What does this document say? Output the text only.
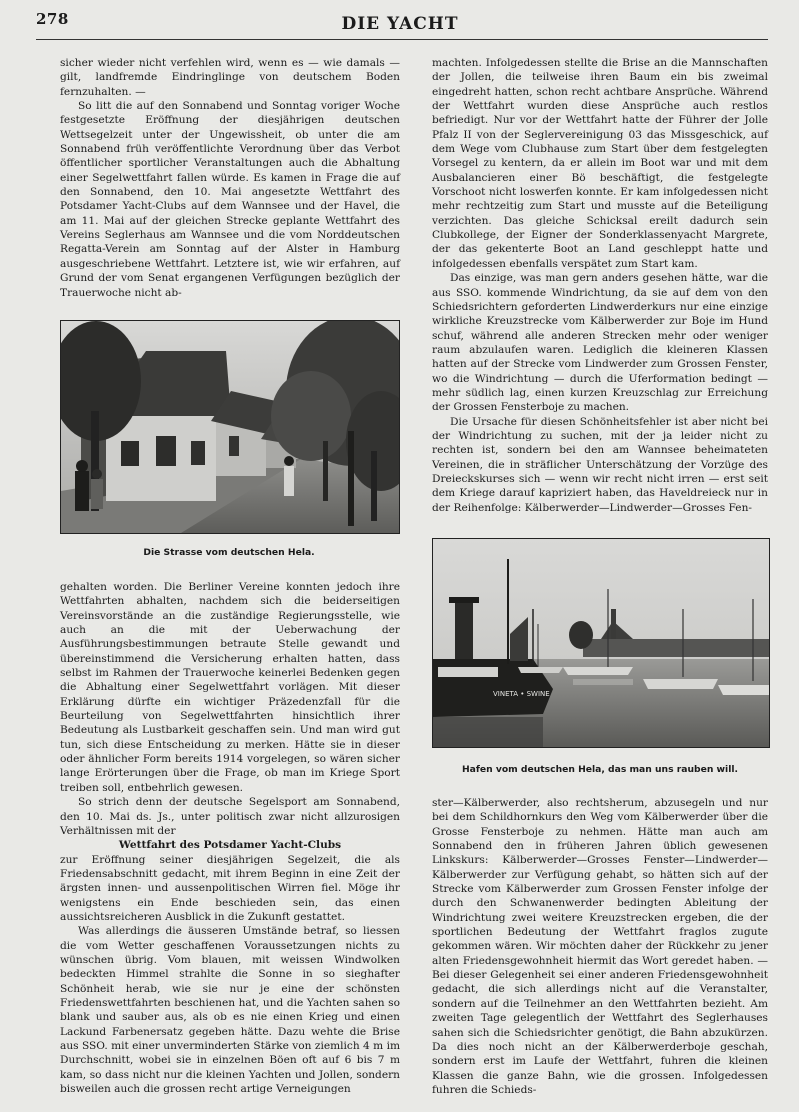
278	DIE YACHT

sicher wieder nicht verfehlen wird, wenn es — wie damals — gilt, landfremde Eindringlinge von deutschem Boden fernzuhalten. —

So litt die auf den Sonnabend und Sonntag voriger Woche festgesetzte Eröffnung der diesjährigen deutschen Wettsegelzeit unter der Ungewissheit, ob unter die am Sonnabend früh veröffentlichte Verordnung über das Verbot öffentlicher sportlicher Veranstaltungen auch die Abhaltung einer Segelwettfahrt fallen würde. Es kamen in Frage die auf den Sonnabend, den 10. Mai angesetzte Wettfahrt des Potsdamer Yacht-Clubs auf dem Wannsee und der Havel, die am 11. Mai auf der gleichen Strecke geplante Wettfahrt des Vereins Seglerhaus am Wannsee und die vom Norddeutschen Regatta-Verein am Sonntag auf der Alster in Hamburg ausgeschriebene Wettfahrt. Letztere ist, wie wir erfahren, auf Grund der vom Senat ergangenen Verfügungen bezüglich der Trauerwoche nicht ab-

Die Strasse vom deutschen Hela.

gehalten worden. Die Berliner Vereine konnten jedoch ihre Wettfahrten abhalten, nachdem sich die beiderseitigen Vereinsvorstände an die zuständige Regierungsstelle, wie auch an die mit der Ueberwachung der Ausführungsbestimmungen betraute Stelle gewandt und übereinstimmend die Versicherung erhalten hatten, dass selbst im Rahmen der Trauerwoche keinerlei Bedenken gegen die Abhaltung einer Segelwettfahrt vorlägen. Mit dieser Erklärung dürfte ein wichtiger Präzedenzfall für die Beurteilung von Segelwettfahrten hinsichtlich ihrer Bedeutung als Lustbarkeit geschaffen sein. Und man wird gut tun, sich diese Entscheidung zu merken. Hätte sie in dieser oder ähnlicher Form bereits 1914 vorgelegen, so wären sicher lange Erörterungen über die Frage, ob man im Kriege Sport treiben soll, entbehrlich gewesen.

So strich denn der deutsche Segelsport am Sonnabend, den 10. Mai ds. Js., unter politisch zwar nicht allzurosigen Verhältnissen mit der

Wettfahrt des Potsdamer Yacht-Clubs

zur Eröffnung seiner diesjährigen Segelzeit, die als Friedensabschnitt gedacht, mit ihrem Beginn in eine Zeit der ärgsten innen- und aussenpolitischen Wirren fiel. Möge ihr wenigstens ein Ende beschieden sein, das einen aussichtsreicheren Ausblick in die Zukunft gestattet.

Was allerdings die äusseren Umstände betraf, so liessen die vom Wetter geschaffenen Voraussetzungen nichts zu wünschen übrig. Vom blauen, mit weissen Windwolken bedeckten Himmel strahlte die Sonne in so sieghafter Schönheit herab, wie sie nur je eine der schönsten Friedenswettfahrten beschienen hat, und die Yachten sahen so blank und sauber aus, als ob es nie einen Krieg und einen Lackund Farbenersatz gegeben hätte. Dazu wehte die Brise aus SSO. mit einer unverminderten Stärke von ziemlich 4 m im Durchschnitt, wobei sie in einzelnen Böen oft auf 6 bis 7 m kam, so dass nicht nur die kleinen Yachten und Jollen, sondern bisweilen auch die grossen recht artige Verneigungen

machten. Infolgedessen stellte die Brise an die Mannschaften der Jollen, die teilweise ihren Baum ein bis zweimal eingedreht hatten, schon recht achtbare Ansprüche. Während der Wettfahrt wurden diese Ansprüche auch restlos befriedigt. Nur vor der Wettfahrt hatte der Führer der Jolle Pfalz II von der Seglervereinigung 03 das Missgeschick, auf dem Wege vom Clubhause zum Start über dem festgelegten Vorsegel zu kentern, da er allein im Boot war und mit dem Ausbalancieren einer Bö beschäftigt, die festgelegte Vorschoot nicht loswerfen konnte. Er kam infolgedessen nicht mehr rechtzeitig zum Start und musste auf die Beteiligung verzichten. Das gleiche Schicksal ereilt dadurch sein Clubkollege, der Eigner der Sonderklassenyacht Margrete, der das gekenterte Boot an Land geschleppt hatte und infolgedessen ebenfalls verspätet zum Start kam.

Das einzige, was man gern anders gesehen hätte, war die aus SSO. kommende Windrichtung, da sie auf dem von den Schiedsrichtern geforderten Lindwerderkurs nur eine einzige wirkliche Kreuzstrecke vom Kälberwerder zur Boje im Hund schuf, während alle anderen Strecken mehr oder weniger raum abzulaufen waren. Lediglich die kleineren Klassen hatten auf der Strecke vom Lindwerder zum Grossen Fenster, wo die Windrichtung — durch die Uferformation bedingt — mehr südlich lag, einen kurzen Kreuzschlag zur Erreichung der Grossen Fensterboje zu machen.

Die Ursache für diesen Schönheitsfehler ist aber nicht bei der Windrichtung zu suchen, mit der ja leider nicht zu rechten ist, sondern bei den am Wannsee beheimateten Vereinen, die in sträflicher Unterschätzung der Vorzüge des Dreieckskurses sich — wenn wir recht nicht irren — erst seit dem Kriege darauf kapriziert haben, das Haveldreieck nur in der Reihenfolge: Kälberwerder—Lindwerder—Grosses Fen-

VINETA • SWINE
Hafen vom deutschen Hela, das man uns rauben will.

ster—Kälberwerder, also rechtsherum, abzusegeln und nur bei dem Schildhornkurs den Weg vom Kälberwerder über die Grosse Fensterboje zu nehmen. Hätte man auch am Sonnabend den in früheren Jahren üblich gewesenen Linkskurs: Kälberwerder—Grosses Fenster—Lindwerder—Kälberwerder zur Verfügung gehabt, so hätten sich auf der Strecke vom Kälberwerder zum Grossen Fenster infolge der durch den Schwanenwerder bedingten Ableitung der Windrichtung zwei weitere Kreuzstrecken ergeben, die der sportlichen Bedeutung der Wettfahrt fraglos zugute gekommen wären. Wir möchten daher der Rückkehr zu jener alten Friedensgewohnheit hiermit das Wort geredet haben. — Bei dieser Gelegenheit sei einer anderen Friedensgewohnheit gedacht, die sich allerdings nicht auf die Veranstalter, sondern auf die Teilnehmer an den Wettfahrten bezieht. Am zweiten Tage gelegentlich der Wettfahrt des Seglerhauses sahen sich die Schiedsrichter genötigt, die Bahn abzukürzen. Da dies noch nicht an der Kälberwerderboje geschah, sondern erst im Laufe der Wettfahrt, fuhren die kleinen Klassen die ganze Bahn, wie die grossen. Infolgedessen fuhren die Schieds-
